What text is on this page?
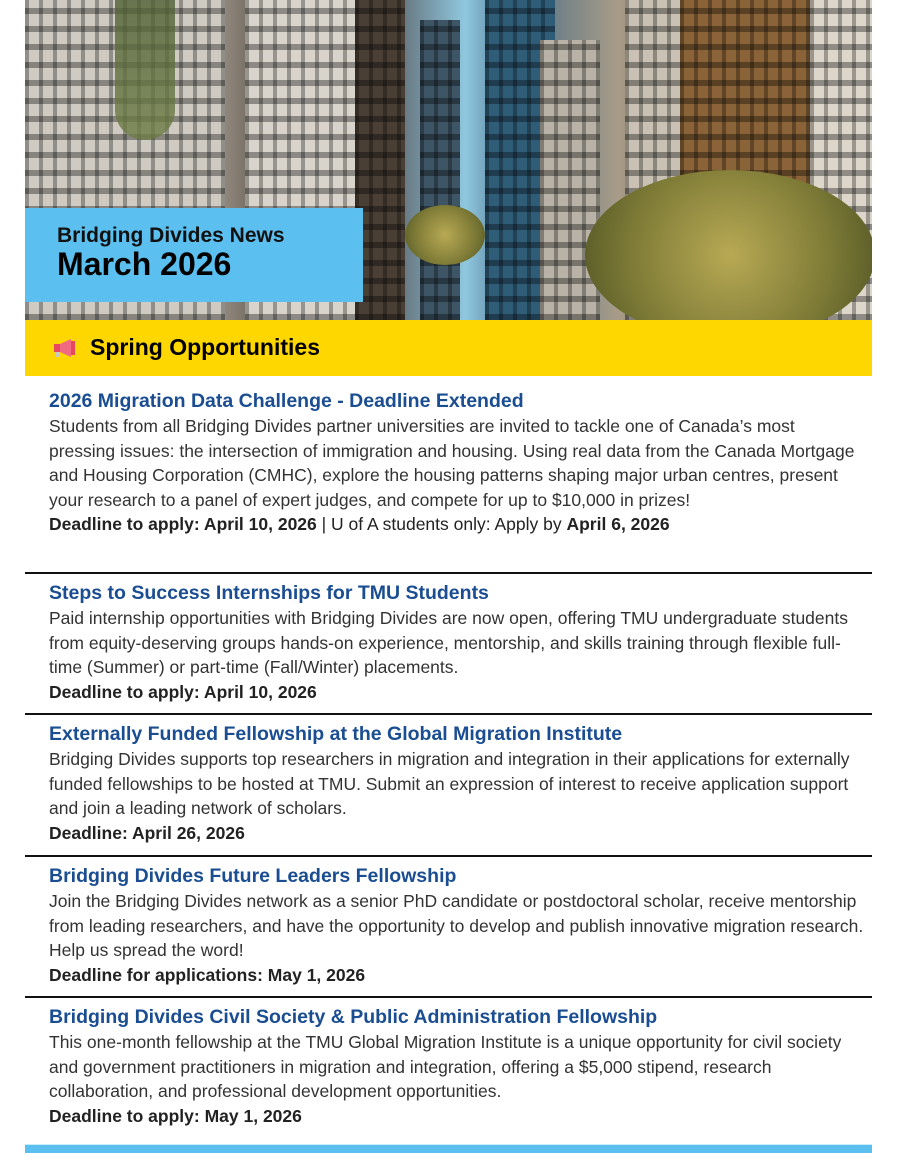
Bridging Divides News
March 2026
Spring Opportunities
2026 Migration Data Challenge - Deadline Extended

Students from all Bridging Divides partner universities are invited to tackle one of Canada’s most pressing issues: the intersection of immigration and housing. Using real data from the Canada Mortgage and Housing Corporation (CMHC), explore the housing patterns shaping major urban centres, present your research to a panel of expert judges, and compete for up to $10,000 in prizes!

Deadline to apply: April 10, 2026 | U of A students only: Apply by April 6, 2026
Steps to Success Internships for TMU Students

Paid internship opportunities with Bridging Divides are now open, offering TMU undergraduate students from equity-deserving groups hands-on experience, mentorship, and skills training through flexible full-time (Summer) or part-time (Fall/Winter) placements.

Deadline to apply: April 10, 2026
Externally Funded Fellowship at the Global Migration Institute

Bridging Divides supports top researchers in migration and integration in their applications for externally funded fellowships to be hosted at TMU. Submit an expression of interest to receive application support and join a leading network of scholars.

Deadline: April 26, 2026
Bridging Divides Future Leaders Fellowship

Join the Bridging Divides network as a senior PhD candidate or postdoctoral scholar, receive mentorship from leading researchers, and have the opportunity to develop and publish innovative migration research. Help us spread the word!

Deadline for applications: May 1, 2026
Bridging Divides Civil Society & Public Administration Fellowship

This one-month fellowship at the TMU Global Migration Institute is a unique opportunity for civil society and government practitioners in migration and integration, offering a $5,000 stipend, research collaboration, and professional development opportunities.

Deadline to apply: May 1, 2026
